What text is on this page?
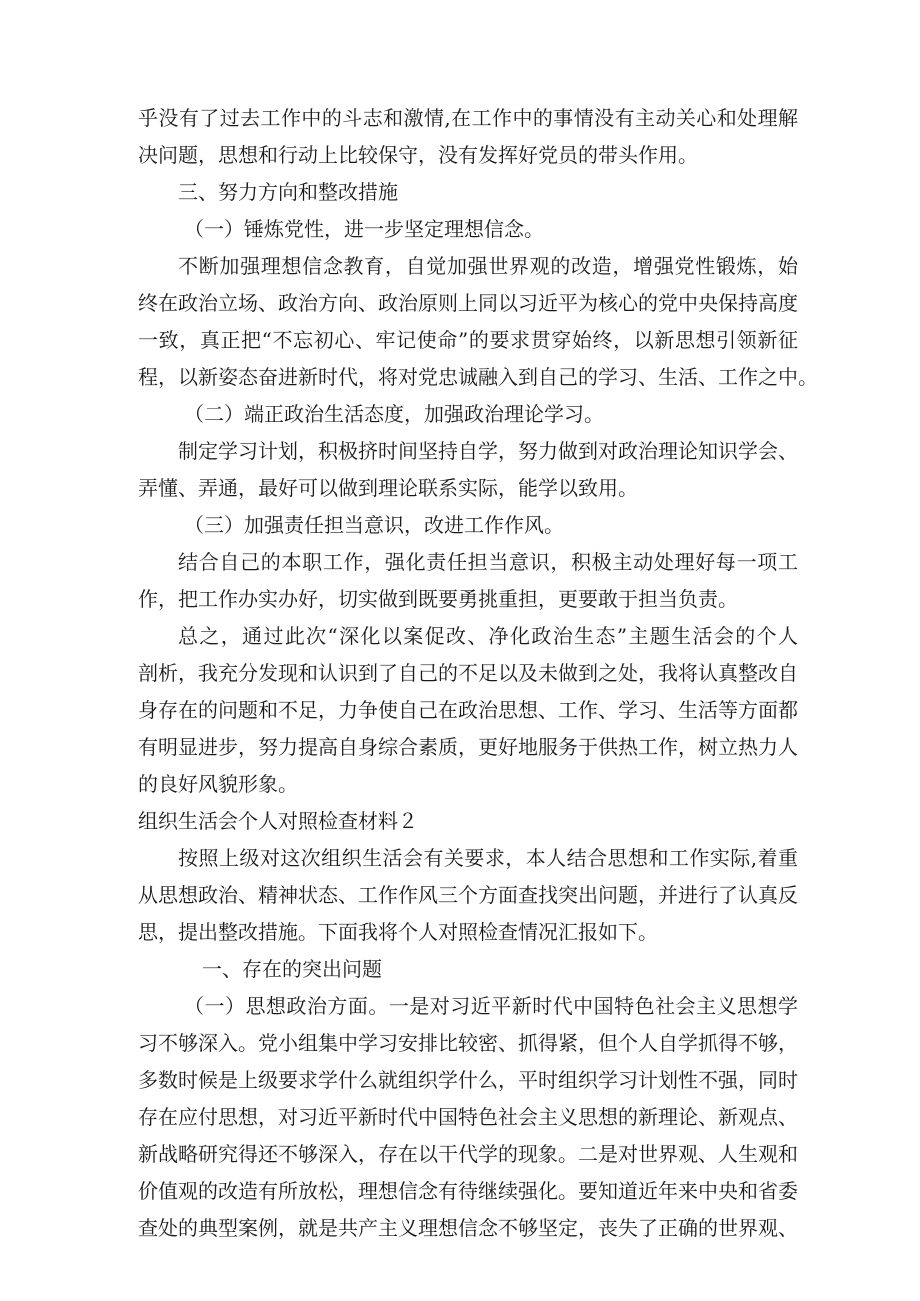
乎没有了过去工作中的斗志和激情,在工作中的事情没有主动关心和处理解
决问题，思想和行动上比较保守，没有发挥好党员的带头作用。
三、努力方向和整改措施
（一）锤炼党性，进一步坚定理想信念。
不断加强理想信念教育，自觉加强世界观的改造，增强党性锻炼，始
终在政治立场、政治方向、政治原则上同以习近平为核心的党中央保持高度
一致，真正把“不忘初心、牢记使命”的要求贯穿始终，以新思想引领新征
程，以新姿态奋进新时代，将对党忠诚融入到自己的学习、生活、工作之中。
（二）端正政治生活态度，加强政治理论学习。
制定学习计划，积极挤时间坚持自学，努力做到对政治理论知识学会、
弄懂、弄通，最好可以做到理论联系实际，能学以致用。
（三）加强责任担当意识，改进工作作风。
结合自己的本职工作，强化责任担当意识，积极主动处理好每一项工
作，把工作办实办好，切实做到既要勇挑重担，更要敢于担当负责。
总之，通过此次“深化以案促改、净化政治生态”主题生活会的个人
剖析，我充分发现和认识到了自己的不足以及未做到之处，我将认真整改自
身存在的问题和不足，力争使自己在政治思想、工作、学习、生活等方面都
有明显进步，努力提高自身综合素质，更好地服务于供热工作，树立热力人
的良好风貌形象。
组织生活会个人对照检查材料２
按照上级对这次组织生活会有关要求，本人结合思想和工作实际,着重
从思想政治、精神状态、工作作风三个方面查找突出问题，并进行了认真反
思，提出整改措施。下面我将个人对照检查情况汇报如下。
一、存在的突出问题
（一）思想政治方面。一是对习近平新时代中国特色社会主义思想学
习不够深入。党小组集中学习安排比较密、抓得紧，但个人自学抓得不够，
多数时候是上级要求学什么就组织学什么，平时组织学习计划性不强，同时
存在应付思想，对习近平新时代中国特色社会主义思想的新理论、新观点、
新战略研究得还不够深入，存在以干代学的现象。二是对世界观、人生观和
价值观的改造有所放松，理想信念有待继续强化。要知道近年来中央和省委
查处的典型案例，就是共产主义理想信念不够坚定，丧失了正确的世界观、
